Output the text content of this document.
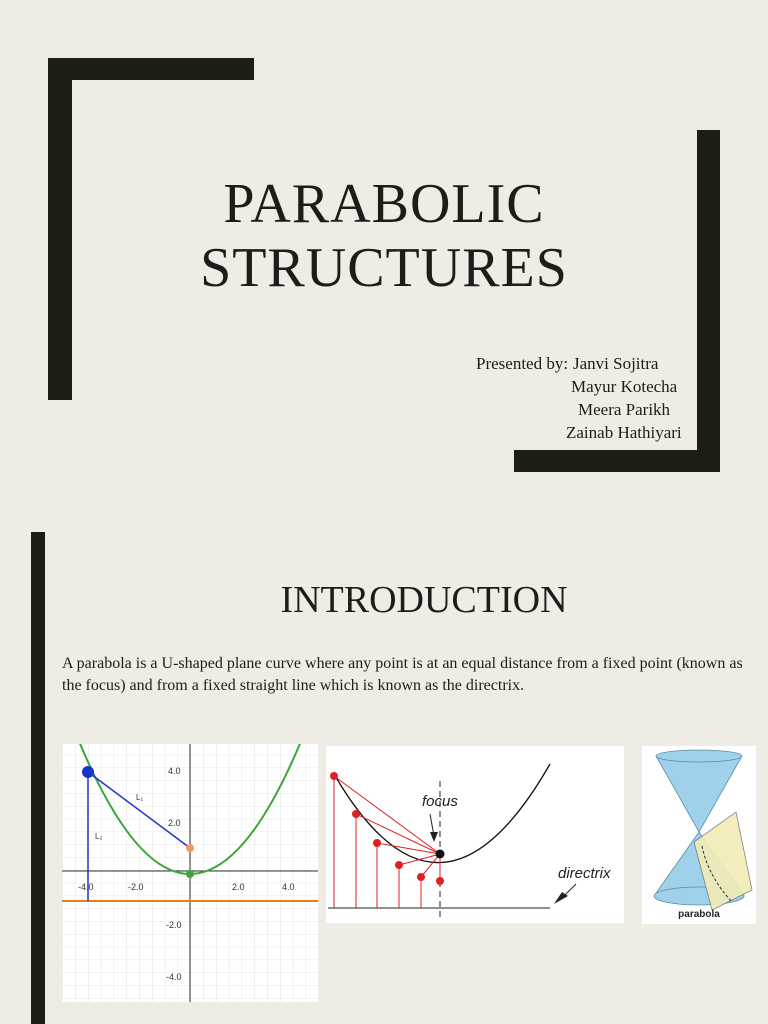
PARABOLIC
STRUCTURES
Presented by: Janvi Sojitra
Mayur Kotecha
Meera Parikh
Zainab Hathiyari
INTRODUCTION

A parabola is a U-shaped plane curve where any point is at an equal distance from a fixed point (known as the focus) and from a fixed straight line which is known as the directrix.

-4.0	-2.0	2.0	4.0
4.0
2.0
-2.0
-4.0
L₁
L₂
focus
directrix
parabola
